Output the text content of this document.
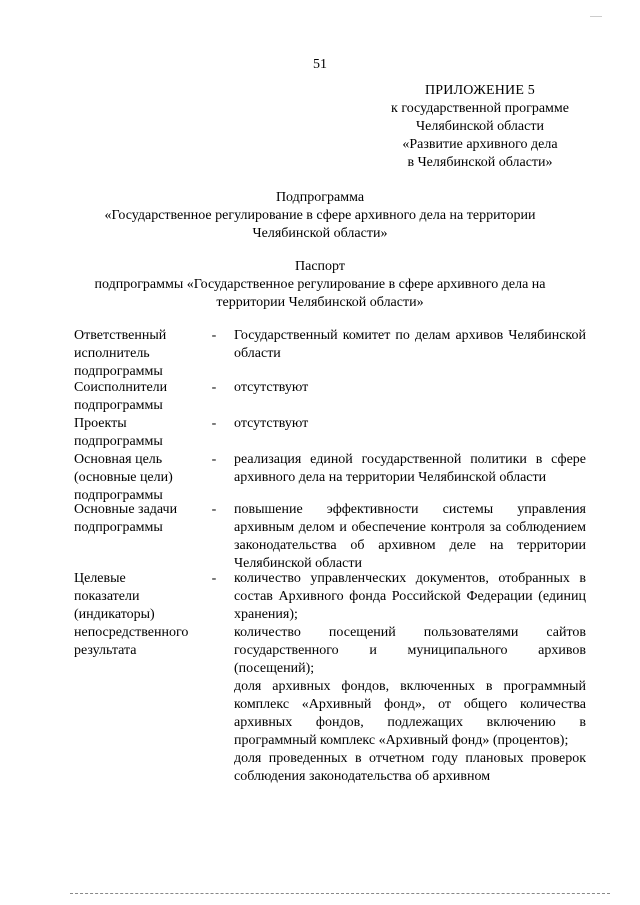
51
ПРИЛОЖЕНИЕ 5
к государственной программе
Челябинской области
«Развитие архивного дела
в Челябинской области»
Подпрограмма
«Государственное регулирование в сфере архивного дела на территории
Челябинской области»
Паспорт
подпрограммы «Государственное регулирование в сфере архивного дела на
территории Челябинской области»
Ответственный
исполнитель
подпрограммы
- Государственный комитет по делам архивов Челябинской области

Соисполнители
подпрограммы
- отсутствуют

Проекты
подпрограммы
- отсутствуют

Основная цель
(основные цели)
подпрограммы
- реализация единой государственной политики в сфере архивного дела на территории Челябинской области

Основные задачи
подпрограммы
- повышение эффективности системы управления архивным делом и обеспечение контроля за соблюдением законодательства об архивном деле на территории Челябинской области

Целевые
показатели
(индикаторы)
непосредственного
результата
- количество управленческих документов, отобранных в состав Архивного фонда Российской Федерации (единиц хранения);

количество посещений пользователями сайтов государственного и муниципального архивов (посещений);

доля архивных фондов, включенных в программный комплекс «Архивный фонд», от общего количества архивных фондов, подлежащих включению в программный комплекс «Архивный фонд» (процентов);

доля проведенных в отчетном году плановых проверок соблюдения законодательства об архивном
